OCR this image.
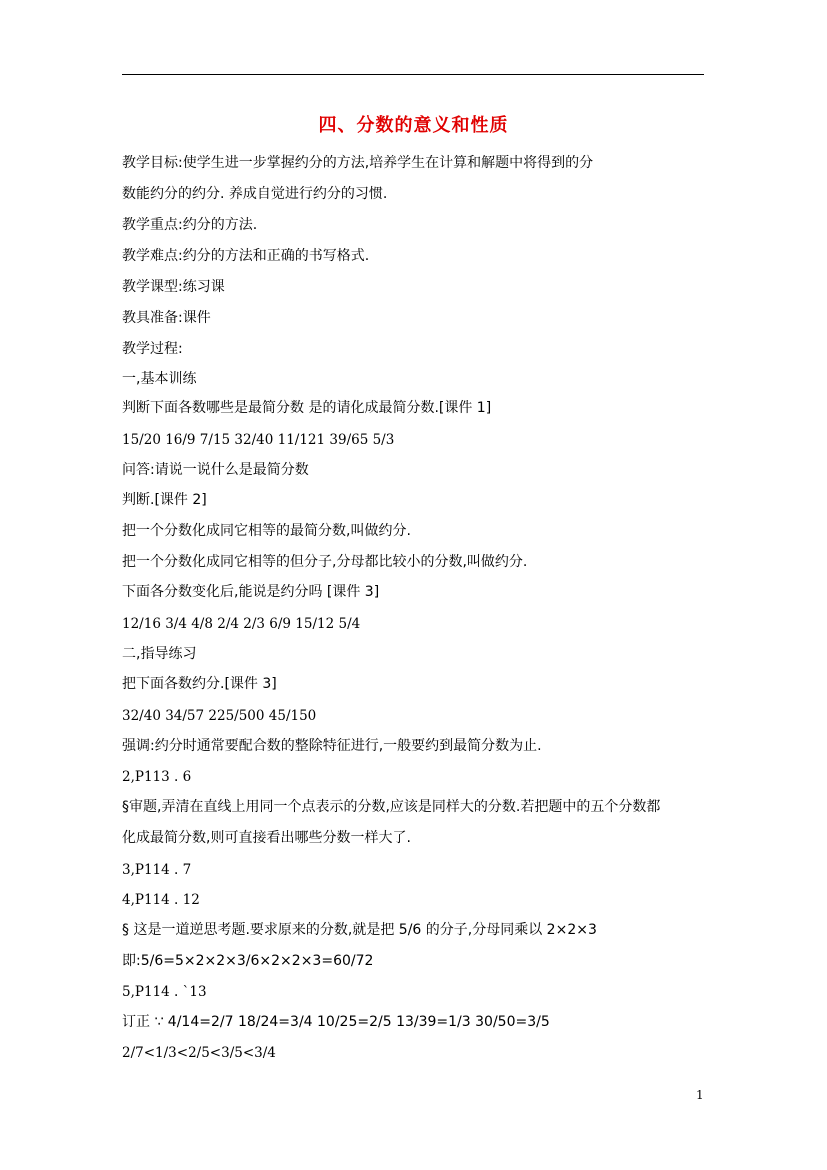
四、分数的意义和性质
教学目标:使学生进一步掌握约分的方法,培养学生在计算和解题中将得到的分
数能约分的约分. 养成自觉进行约分的习惯.
教学重点:约分的方法.
教学难点:约分的方法和正确的书写格式.
教学课型:练习课
教具准备:课件
教学过程:
一,基本训练
判断下面各数哪些是最简分数 是的请化成最简分数.[课件 1]
15/20 16/9 7/15 32/40 11/121 39/65 5/3
问答:请说一说什么是最简分数
判断.[课件 2]
把一个分数化成同它相等的最简分数,叫做约分.
把一个分数化成同它相等的但分子,分母都比较小的分数,叫做约分.
下面各分数变化后,能说是约分吗 [课件 3]
12/16 3/4 4/8 2/4 2/3 6/9 15/12 5/4
二,指导练习
把下面各数约分.[课件 3]
32/40 34/57 225/500 45/150
强调:约分时通常要配合数的整除特征进行,一般要约到最简分数为止.
2,P113 . 6
§审题,弄清在直线上用同一个点表示的分数,应该是同样大的分数.若把题中的五个分数都
化成最简分数,则可直接看出哪些分数一样大了.
3,P114 . 7
4,P114 . 12
§ 这是一道逆思考题.要求原来的分数,就是把 5/6 的分子,分母同乘以 2×2×3
即:5/6=5×2×2×3/6×2×2×3=60/72
5,P114 . `13
订正 ∵ 4/14=2/7 18/24=3/4 10/25=2/5 13/39=1/3 30/50=3/5
2/7<1/3<2/5<3/5<3/4
1
